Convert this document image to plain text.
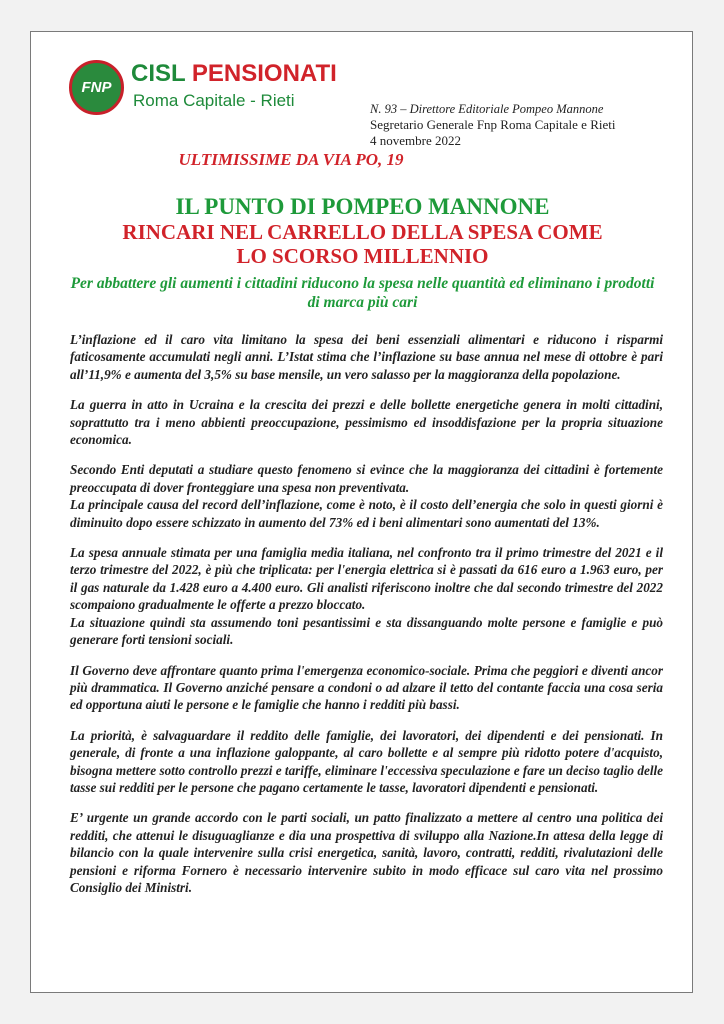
FNP
CISL PENSIONATI
Roma Capitale - Rieti	N. 93 – Direttore Editoriale Pompeo Mannone
Segretario Generale Fnp Roma Capitale e Rieti
4 novembre 2022
ULTIMISSIME DA VIA PO, 19
IL PUNTO DI POMPEO MANNONE
RINCARI NEL CARRELLO DELLA SPESA COME LO SCORSO MILLENNIO
Per abbattere gli aumenti i cittadini riducono la spesa nelle quantità ed eliminano i prodotti di marca più cari

L’inflazione ed il caro vita limitano la spesa dei beni essenziali alimentari e riducono i risparmi faticosamente accumulati negli anni. L’Istat stima che l’inflazione su base annua nel mese di ottobre è pari all’11,9% e aumenta del 3,5% su base mensile, un vero salasso per la maggioranza della popolazione.

La guerra in atto in Ucraina e la crescita dei prezzi e delle bollette energetiche genera in molti cittadini, soprattutto tra i meno abbienti preoccupazione, pessimismo ed insoddisfazione per la propria situazione economica.

Secondo Enti deputati a studiare questo fenomeno si evince che la maggioranza dei cittadini è fortemente preoccupata di dover fronteggiare una spesa non preventivata.

La principale causa del record dell’inflazione, come è noto, è il costo dell’energia che solo in questi giorni è diminuito dopo essere schizzato in aumento del 73% ed i beni alimentari sono aumentati del 13%.

La spesa annuale stimata per una famiglia media italiana, nel confronto tra il primo trimestre del 2021 e il terzo trimestre del 2022, è più che triplicata: per l'energia elettrica si è passati da 616 euro a 1.963 euro, per il gas naturale da 1.428 euro a 4.400 euro. Gli analisti riferiscono inoltre che dal secondo trimestre del 2022 scompaiono gradualmente le offerte a prezzo bloccato.

La situazione quindi sta assumendo toni pesantissimi e sta dissanguando molte persone e famiglie e può generare forti tensioni sociali.

Il Governo deve affrontare quanto prima l'emergenza economico-sociale. Prima che peggiori e diventi ancor più drammatica. Il Governo anziché pensare a condoni o ad alzare il tetto del contante faccia una cosa seria ed opportuna aiuti le persone e le famiglie che hanno i redditi più bassi.

La priorità, è salvaguardare il reddito delle famiglie, dei lavoratori, dei dipendenti e dei pensionati. In generale, di fronte a una inflazione galoppante, al caro bollette e al sempre più ridotto potere d'acquisto, bisogna mettere sotto controllo prezzi e tariffe, eliminare l'eccessiva speculazione e fare un deciso taglio delle tasse sui redditi per le persone che pagano certamente le tasse, lavoratori dipendenti e pensionati.

E’ urgente un grande accordo con le parti sociali, un patto finalizzato a mettere al centro una politica dei redditi, che attenui le disuguaglianze e dia una prospettiva di sviluppo alla Nazione.In attesa della legge di bilancio con la quale intervenire sulla crisi energetica, sanità, lavoro, contratti, redditi, rivalutazioni delle pensioni e riforma Fornero è necessario intervenire subito in modo efficace sul caro vita nel prossimo Consiglio dei Ministri.
